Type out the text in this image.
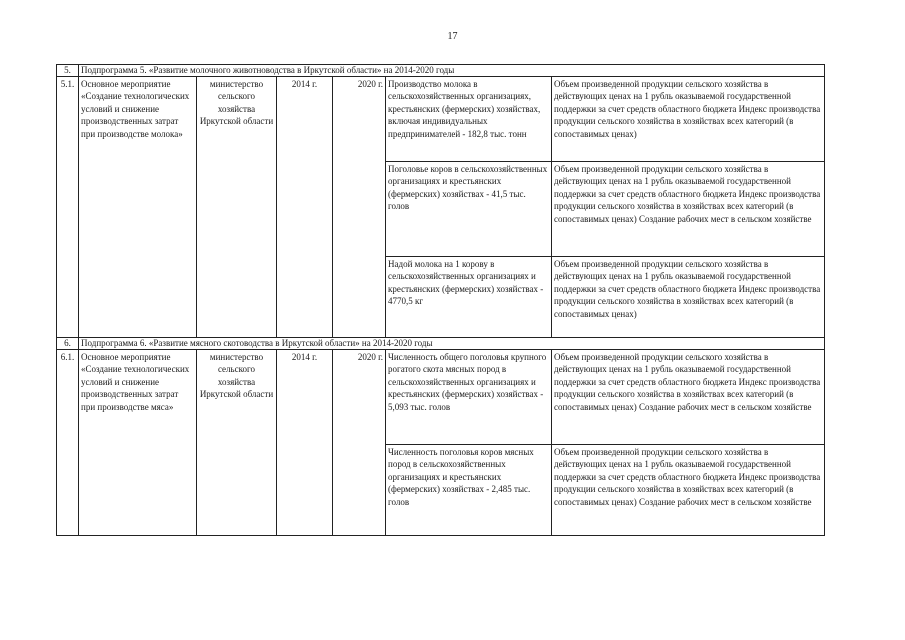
17
5.	Подпрограмма 5. «Развитие молочного животноводства в Иркутской области» на 2014-2020 годы					
5.1.	Основное мероприятие «Создание технологических условий и снижение производственных затрат при производстве молока»	министерство сельского хозяйства Иркутской области	2014 г.	2020 г.	Производство молока в сельскохозяйственных организациях, крестьянских (фермерских) хозяйствах, включая индивидуальных предпринимателей - 182,8 тыс. тонн	Объем произведенной продукции сельского хозяйства в действующих ценах на 1 рубль оказываемой государственной поддержки за счет средств областного бюджета Индекс производства продукции сельского хозяйства в хозяйствах всех категорий (в сопоставимых ценах)
					Поголовье коров в сельскохозяйственных организациях и крестьянских (фермерских) хозяйствах - 41,5 тыс. голов	Объем произведенной продукции сельского хозяйства в действующих ценах на 1 рубль оказываемой государственной поддержки за счет средств областного бюджета Индекс производства продукции сельского хозяйства в хозяйствах всех категорий (в сопоставимых ценах) Создание рабочих мест в сельском хозяйстве
					Надой молока на 1 корову в сельскохозяйственных организациях и крестьянских (фермерских) хозяйствах - 4770,5 кг	Объем произведенной продукции сельского хозяйства в действующих ценах на 1 рубль оказываемой государственной поддержки за счет средств областного бюджета Индекс производства продукции сельского хозяйства в хозяйствах всех категорий (в сопоставимых ценах)
6.	Подпрограмма 6. «Развитие мясного скотоводства в Иркутской области» на 2014-2020 годы					
6.1.	Основное мероприятие «Создание технологических условий и снижение производственных затрат при производстве мяса»	министерство сельского хозяйства Иркутской области	2014 г.	2020 г.	Численность общего поголовья крупного рогатого скота мясных пород в сельскохозяйственных организациях и крестьянских (фермерских) хозяйствах - 5,093 тыс. голов	Объем произведенной продукции сельского хозяйства в действующих ценах на 1 рубль оказываемой государственной поддержки за счет средств областного бюджета Индекс производства продукции сельского хозяйства в хозяйствах всех категорий (в сопоставимых ценах) Создание рабочих мест в сельском хозяйстве
					Численность поголовья коров мясных пород в сельскохозяйственных организациях и крестьянских (фермерских) хозяйствах - 2,485 тыс. голов	Объем произведенной продукции сельского хозяйства в действующих ценах на 1 рубль оказываемой государственной поддержки за счет средств областного бюджета Индекс производства продукции сельского хозяйства в хозяйствах всех категорий (в сопоставимых ценах) Создание рабочих мест в сельском хозяйстве
